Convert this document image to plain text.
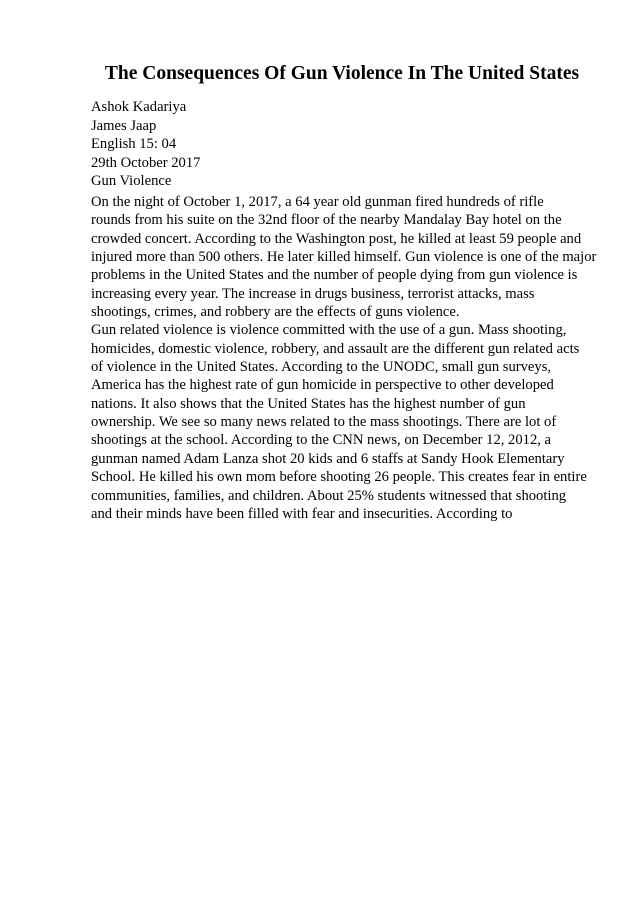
The Consequences Of Gun Violence In The United States
Ashok Kadariya
James Jaap
English 15: 04
29th October 2017
Gun Violence
On the night of October 1, 2017, a 64 year old gunman fired hundreds of rifle
rounds from his suite on the 32nd floor of the nearby Mandalay Bay hotel on the
crowded concert. According to the Washington post, he killed at least 59 people and
injured more than 500 others. He later killed himself. Gun violence is one of the major
problems in the United States and the number of people dying from gun violence is
increasing every year. The increase in drugs business, terrorist attacks, mass
shootings, crimes, and robbery are the effects of guns violence.
Gun related violence is violence committed with the use of a gun. Mass shooting,
homicides, domestic violence, robbery, and assault are the different gun related acts
of violence in the United States. According to the UNODC, small gun surveys,
America has the highest rate of gun homicide in perspective to other developed
nations. It also shows that the United States has the highest number of gun
ownership. We see so many news related to the mass shootings. There are lot of
shootings at the school. According to the CNN news, on December 12, 2012, a
gunman named Adam Lanza shot 20 kids and 6 staffs at Sandy Hook Elementary
School. He killed his own mom before shooting 26 people. This creates fear in entire
communities, families, and children. About 25% students witnessed that shooting
and their minds have been filled with fear and insecurities. According to
